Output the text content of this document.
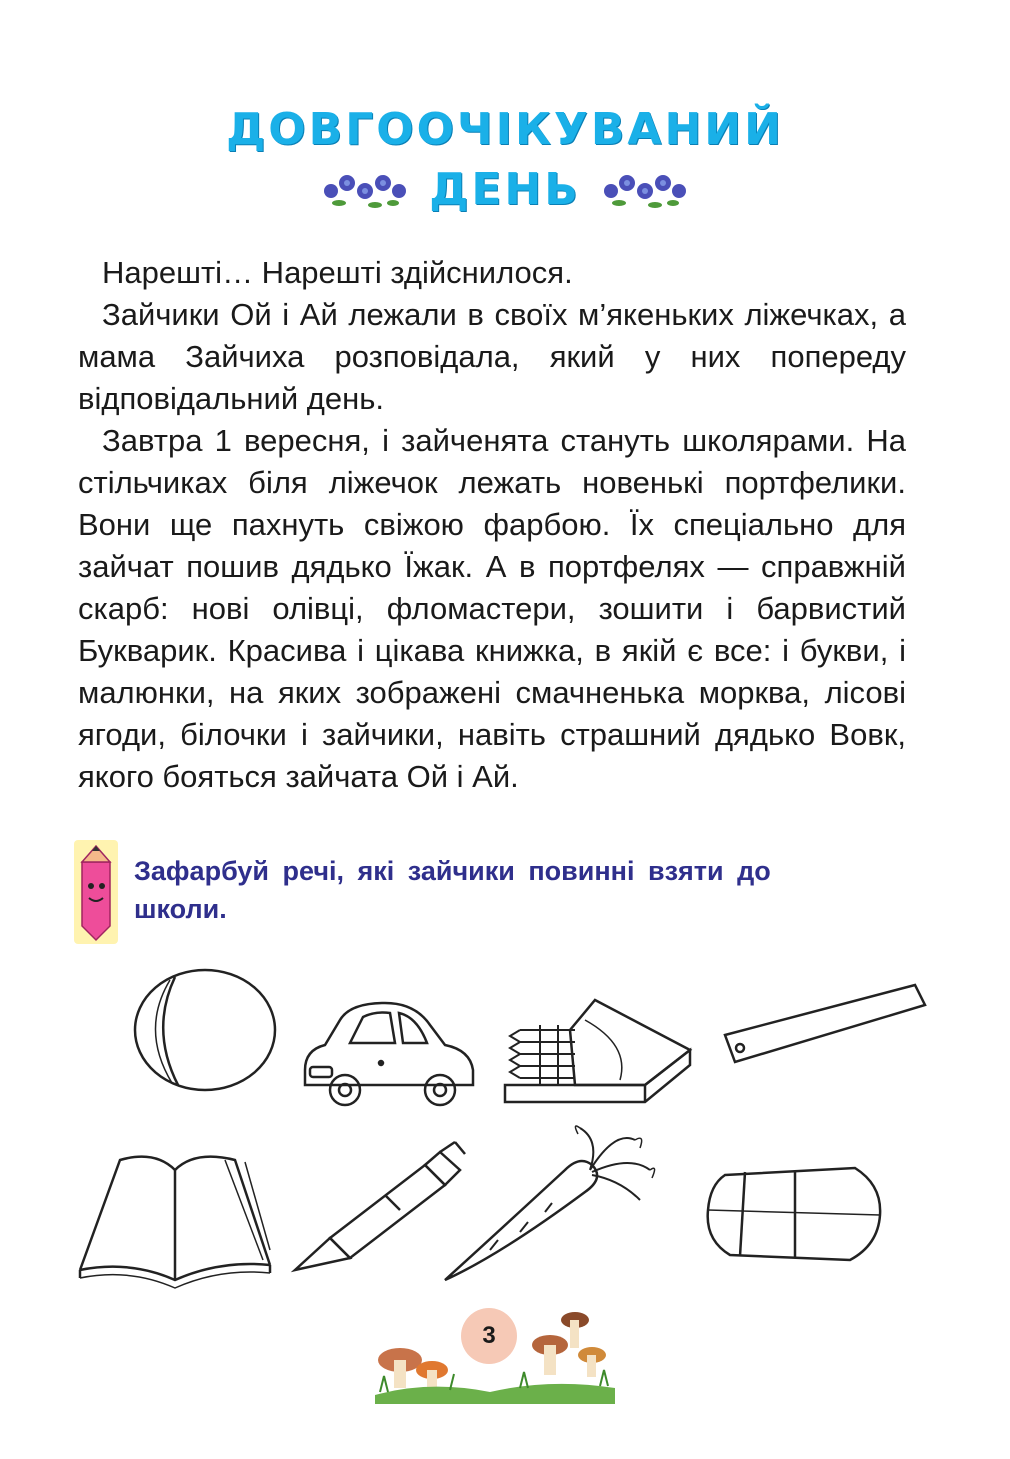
ДОВГООЧІКУВАНИЙ
ДЕНЬ

Нарешті… Нарешті здійснилося.

Зайчики Ой і Ай лежали в своїх м’якеньких ліжечках, а мама Зайчиха розповідала, який у них попереду відповідальний день.

Завтра 1 вересня, і зайченята стануть школярами. На стільчиках біля ліжечок лежать новенькі портфелики. Вони ще пахнуть свіжою фарбою. Їх спеціально для зайчат пошив дядько Їжак. А в портфелях — справжній скарб: нові олівці, фломастери, зошити і барвистий Букварик. Красива і цікава книжка, в якій є все: і букви, і малюнки, на яких зображені смачненька морква, лісові ягоди, білочки і зайчики, навіть страшний дядько Вовк, якого бояться зайчата Ой і Ай.

Зафарбуй речі, які зайчики повинні взяти до школи.
3
